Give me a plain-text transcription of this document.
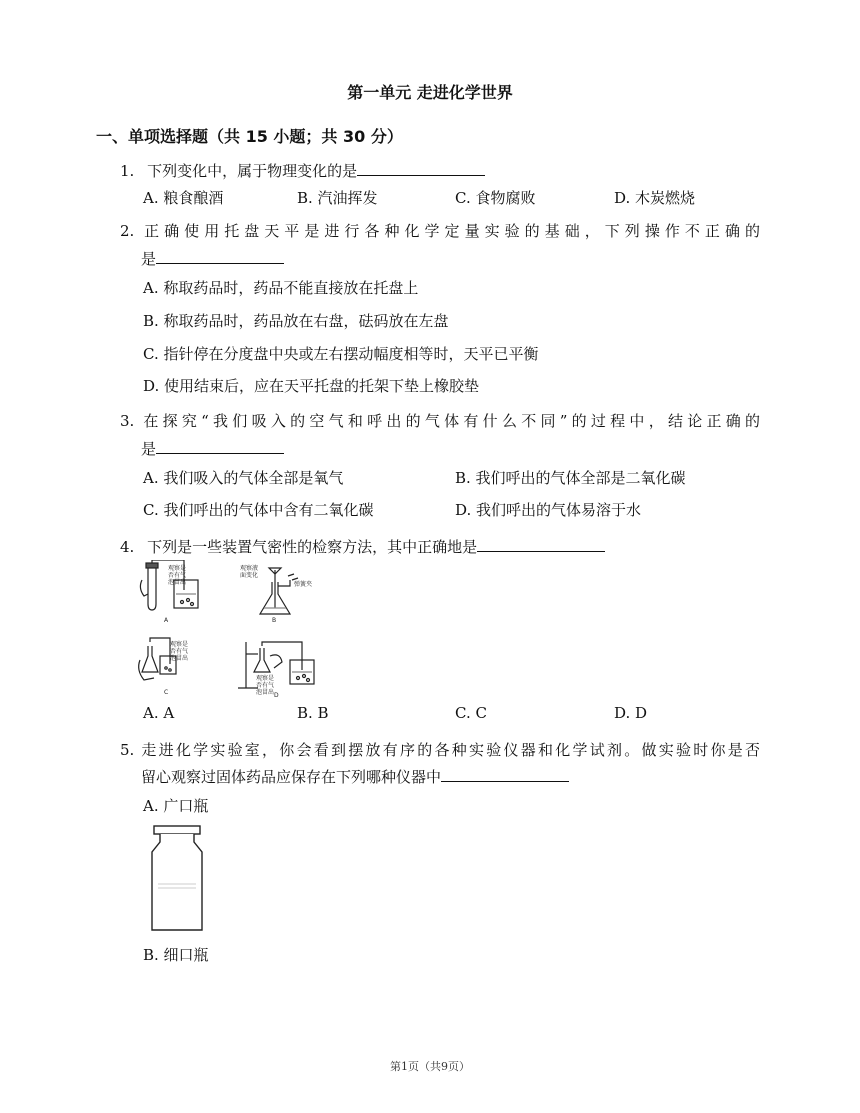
第一单元 走进化学世界
一、单项选择题（共 15 小题；共 30 分）
1. 下列变化中，属于物理变化的是
A. 粮食酿酒	B. 汽油挥发	C. 食物腐败	D. 木炭燃烧
2. 正确使用托盘天平是进行各种化学定量实验的基础，下列操作不正确的
是
A. 称取药品时，药品不能直接放在托盘上
B. 称取药品时，药品放在右盘，砝码放在左盘
C. 指针停在分度盘中央或左右摆动幅度相等时，天平已平衡
D. 使用结束后，应在天平托盘的托架下垫上橡胶垫
3. 在探究“我们吸入的空气和呼出的气体有什么不同”的过程中，结论正确的
是
A. 我们吸入的气体全部是氧气	B. 我们呼出的气体全部是二氧化碳
C. 我们呼出的气体中含有二氧化碳	D. 我们呼出的气体易溶于水
4. 下列是一些装置气密性的检察方法，其中正确地是
观察是
否有气
泡冒出
A
观察液
面变化
弹簧夹
B
观察是
否有气
泡冒出
C
观察是
否有气
泡冒出 D
A. A	B. B	C. C	D. D
5. 走进化学实验室，你会看到摆放有序的各种实验仪器和化学试剂。做实验时你是否
留心观察过固体药品应保存在下列哪种仪器中
A. 广口瓶
B. 细口瓶
第1页（共9页）
